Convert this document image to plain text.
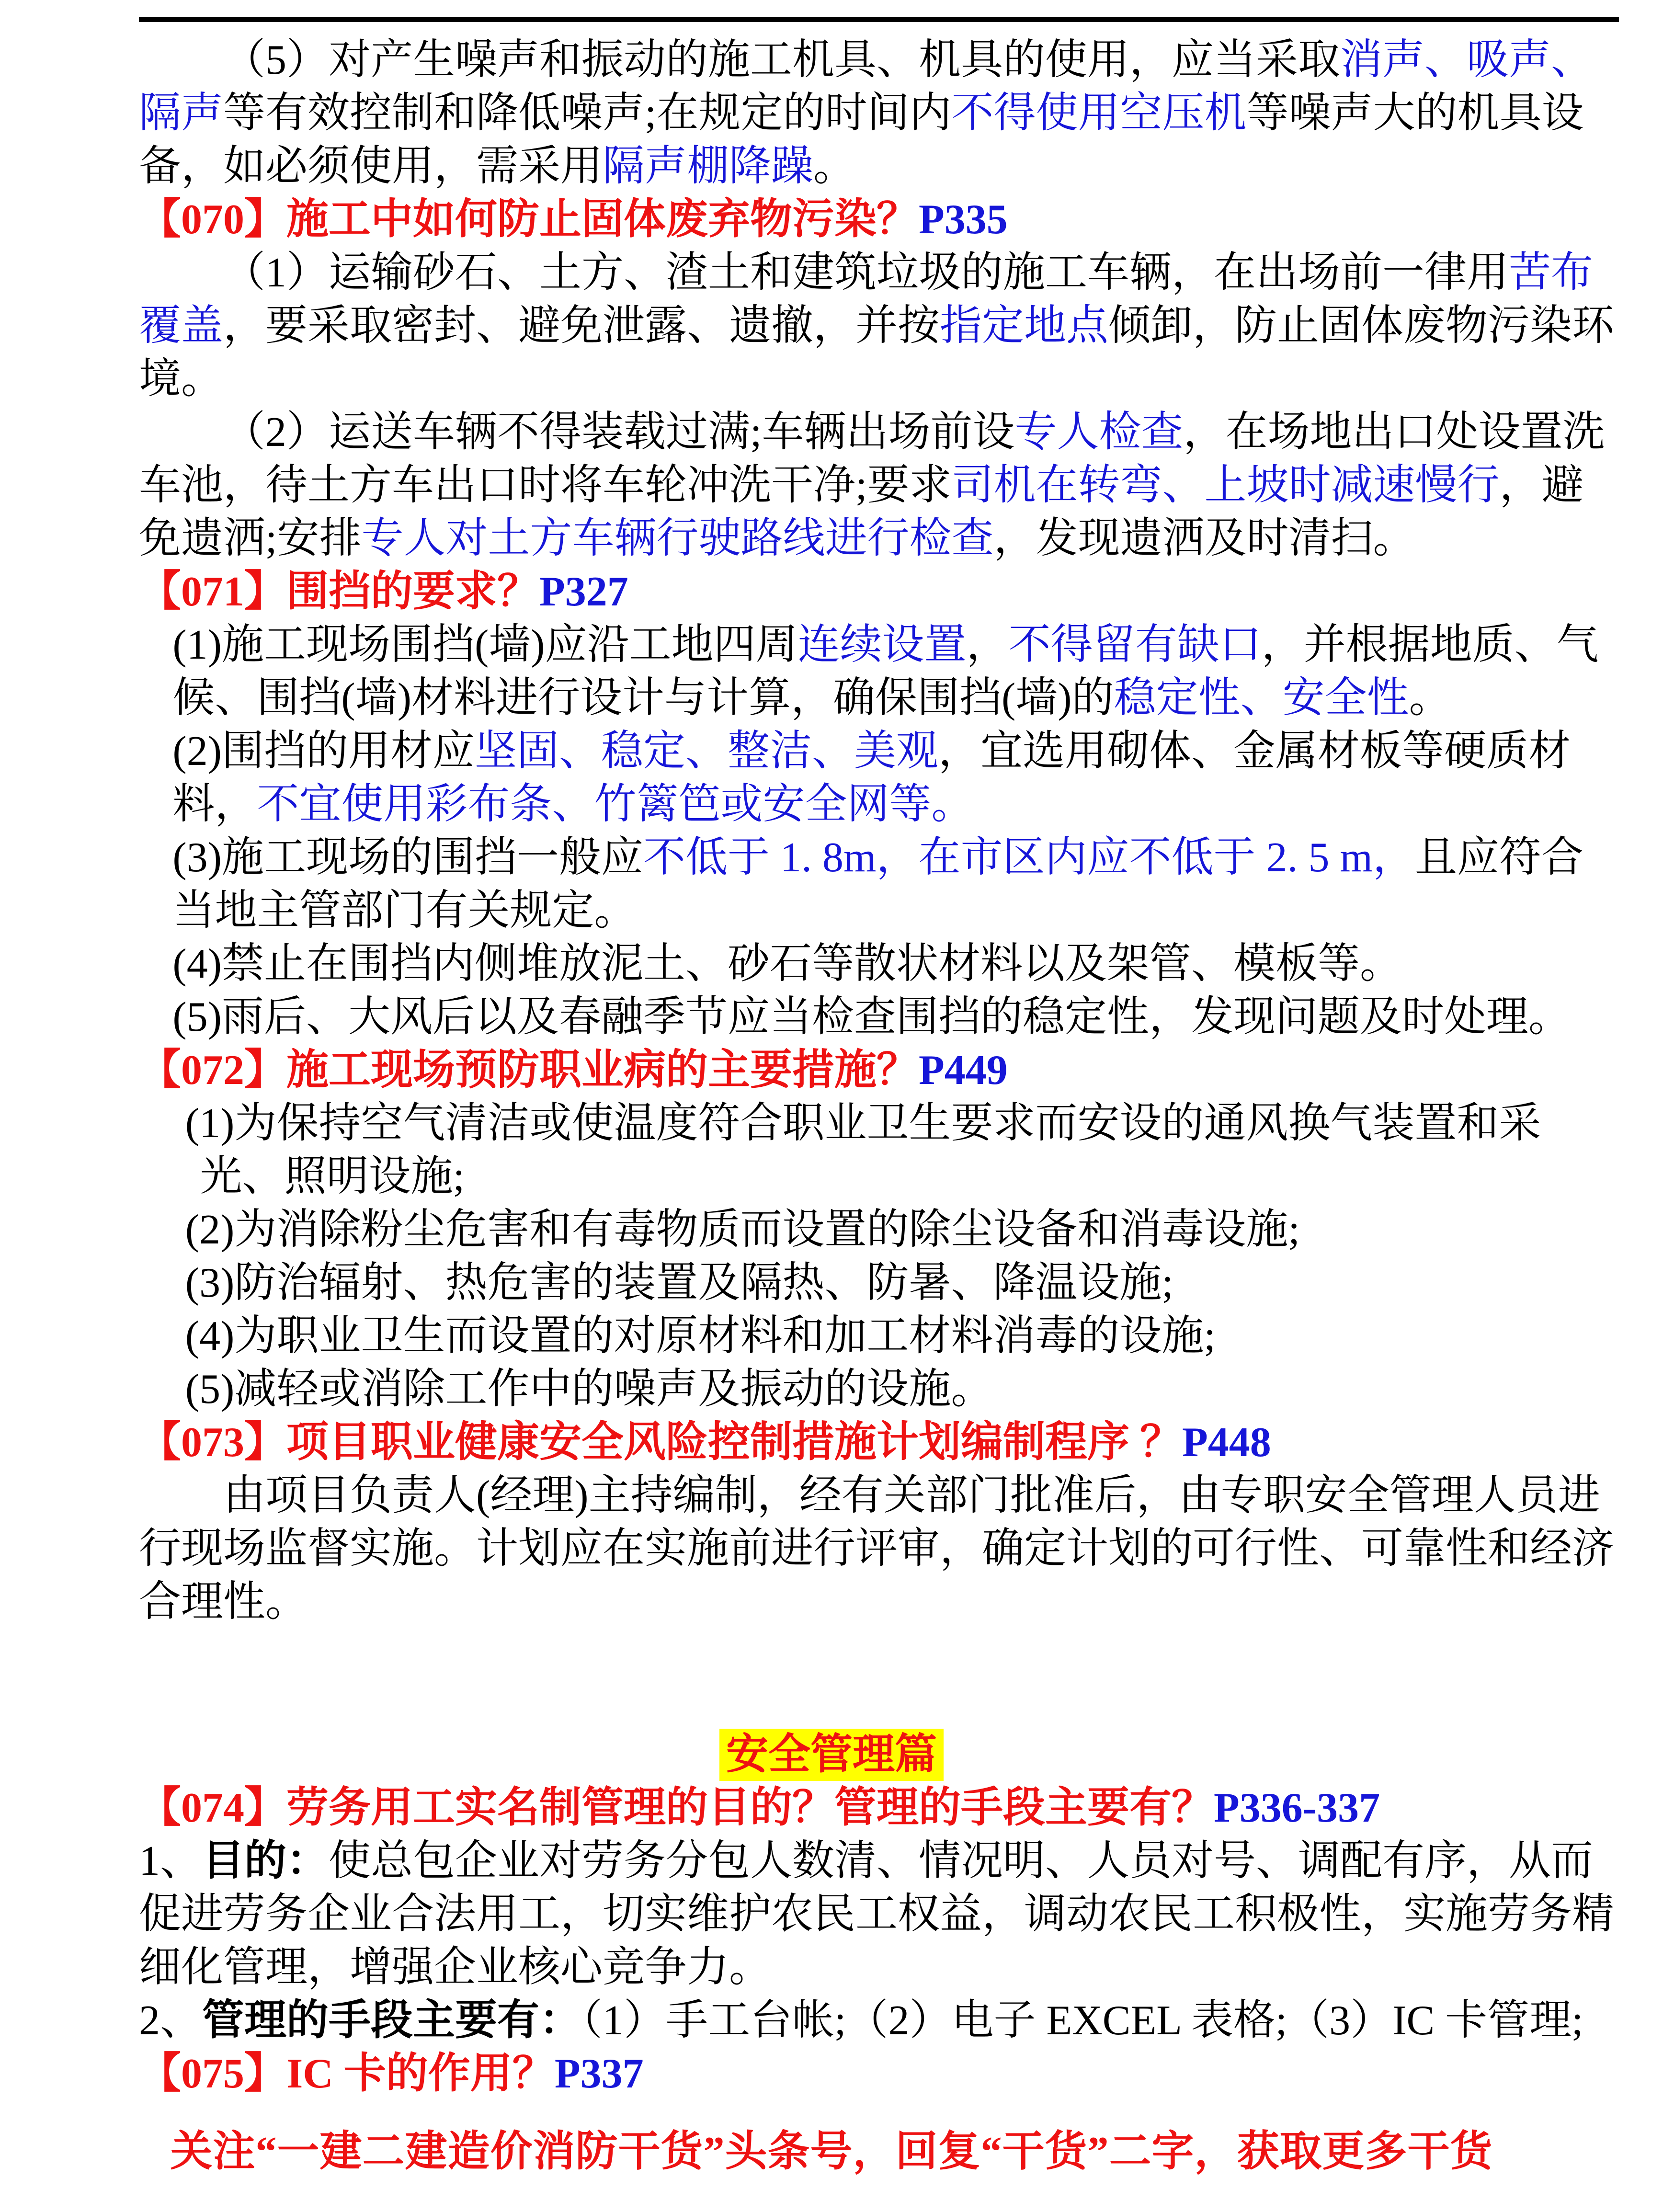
（5）对产生噪声和振动的施工机具、机具的使用，应当采取消声、吸声、隔声等有效控制和降低噪声;在规定的时间内不得使用空压机等噪声大的机具设备，如必须使用，需采用隔声棚降躁。

【070】施工中如何防止固体废弃物污染？P335

（1）运输砂石、土方、渣土和建筑垃圾的施工车辆，在出场前一律用苦布覆盖，要采取密封、避免泄露、遗撤，并按指定地点倾卸，防止固体废物污染环境。

（2）运送车辆不得装载过满;车辆出场前设专人检查，在场地出口处设置洗车池，待土方车出口时将车轮冲洗干净;要求司机在转弯、上坡时减速慢行，避免遗洒;安排专人对土方车辆行驶路线进行检查，发现遗洒及时清扫。

【071】围挡的要求？P327

(1)施工现场围挡(墙)应沿工地四周连续设置，不得留有缺口，并根据地质、气候、围挡(墙)材料进行设计与计算，确保围挡(墙)的稳定性、安全性。

(2)围挡的用材应坚固、稳定、整洁、美观，宜选用砌体、金属材板等硬质材料，不宜使用彩布条、竹篱笆或安全网等。

(3)施工现场的围挡一般应不低于 1. 8m，在市区内应不低于 2. 5 m，且应符合当地主管部门有关规定。

(4)禁止在围挡内侧堆放泥土、砂石等散状材料以及架管、模板等。

(5)雨后、大风后以及春融季节应当检查围挡的稳定性，发现问题及时处理。

【072】施工现场预防职业病的主要措施？P449

(1)为保持空气清洁或使温度符合职业卫生要求而安设的通风换气装置和采光、照明设施;

(2)为消除粉尘危害和有毒物质而设置的除尘设备和消毒设施;

(3)防治辐射、热危害的装置及隔热、防暑、降温设施;

(4)为职业卫生而设置的对原材料和加工材料消毒的设施;

(5)减轻或消除工作中的噪声及振动的设施。

【073】项目职业健康安全风险控制措施计划编制程序 ？P448

由项目负责人(经理)主持编制，经有关部门批准后，由专职安全管理人员进行现场监督实施。计划应在实施前进行评审，确定计划的可行性、可靠性和经济合理性。

安全管理篇

【074】劳务用工实名制管理的目的？管理的手段主要有？P336-337

1、目的：使总包企业对劳务分包人数清、情况明、人员对号、调配有序，从而促进劳务企业合法用工，切实维护农民工权益，调动农民工积极性，实施劳务精细化管理，增强企业核心竞争力。

2、管理的手段主要有：（1）手工台帐;（2）电子 EXCEL 表格;（3）IC 卡管理;

【075】IC 卡的作用？P337

关注“一建二建造价消防干货”头条号，回复“干货”二字，获取更多干货
